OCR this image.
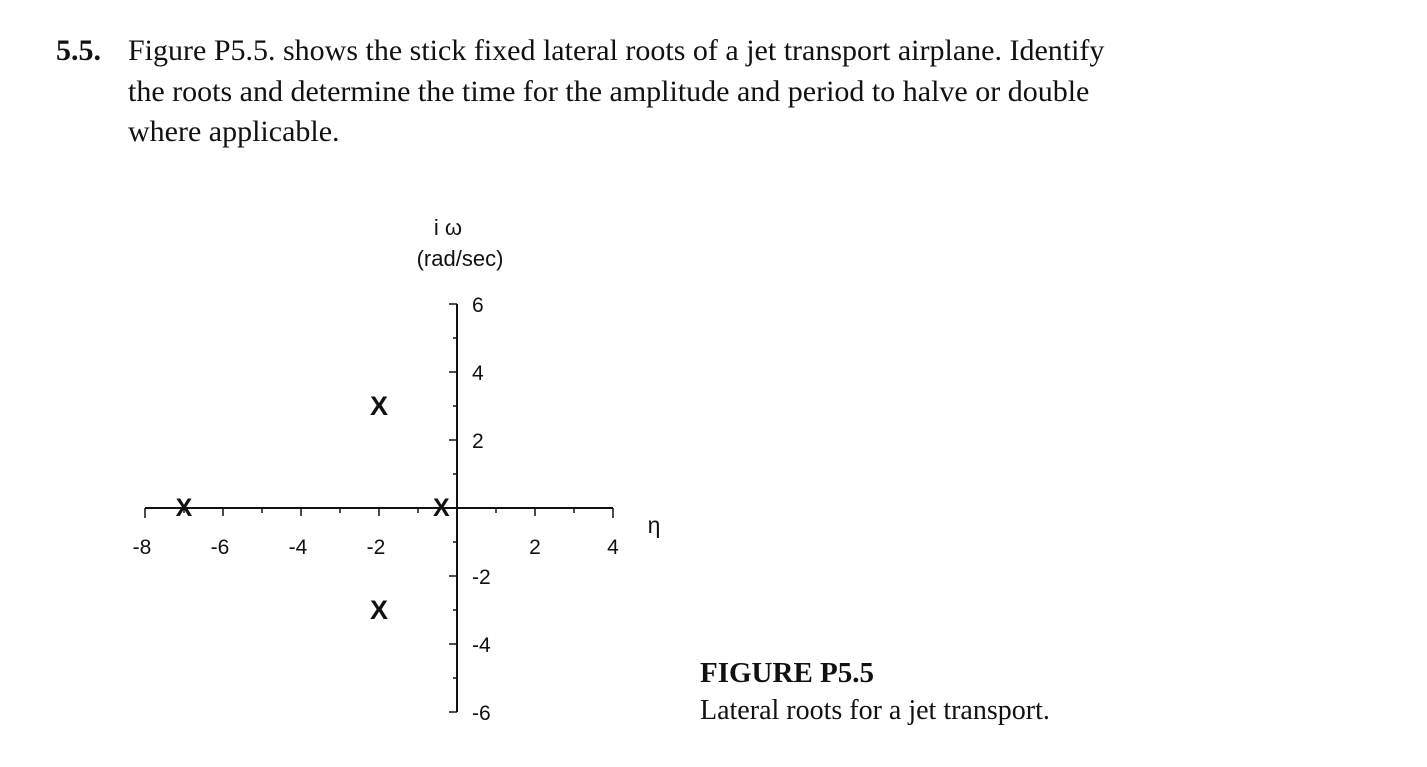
5.5. Figure P5.5. shows the stick fixed lateral roots of a jet transport airplane. Identify
the roots and determine the time for the amplitude and period to halve or double
where applicable.
-8	-6	-4	-2	2	4
6
4
2
-2
-4
-6
i ω
(rad/sec)
η
X	X
X
X
FIGURE P5.5
Lateral roots for a jet transport.
